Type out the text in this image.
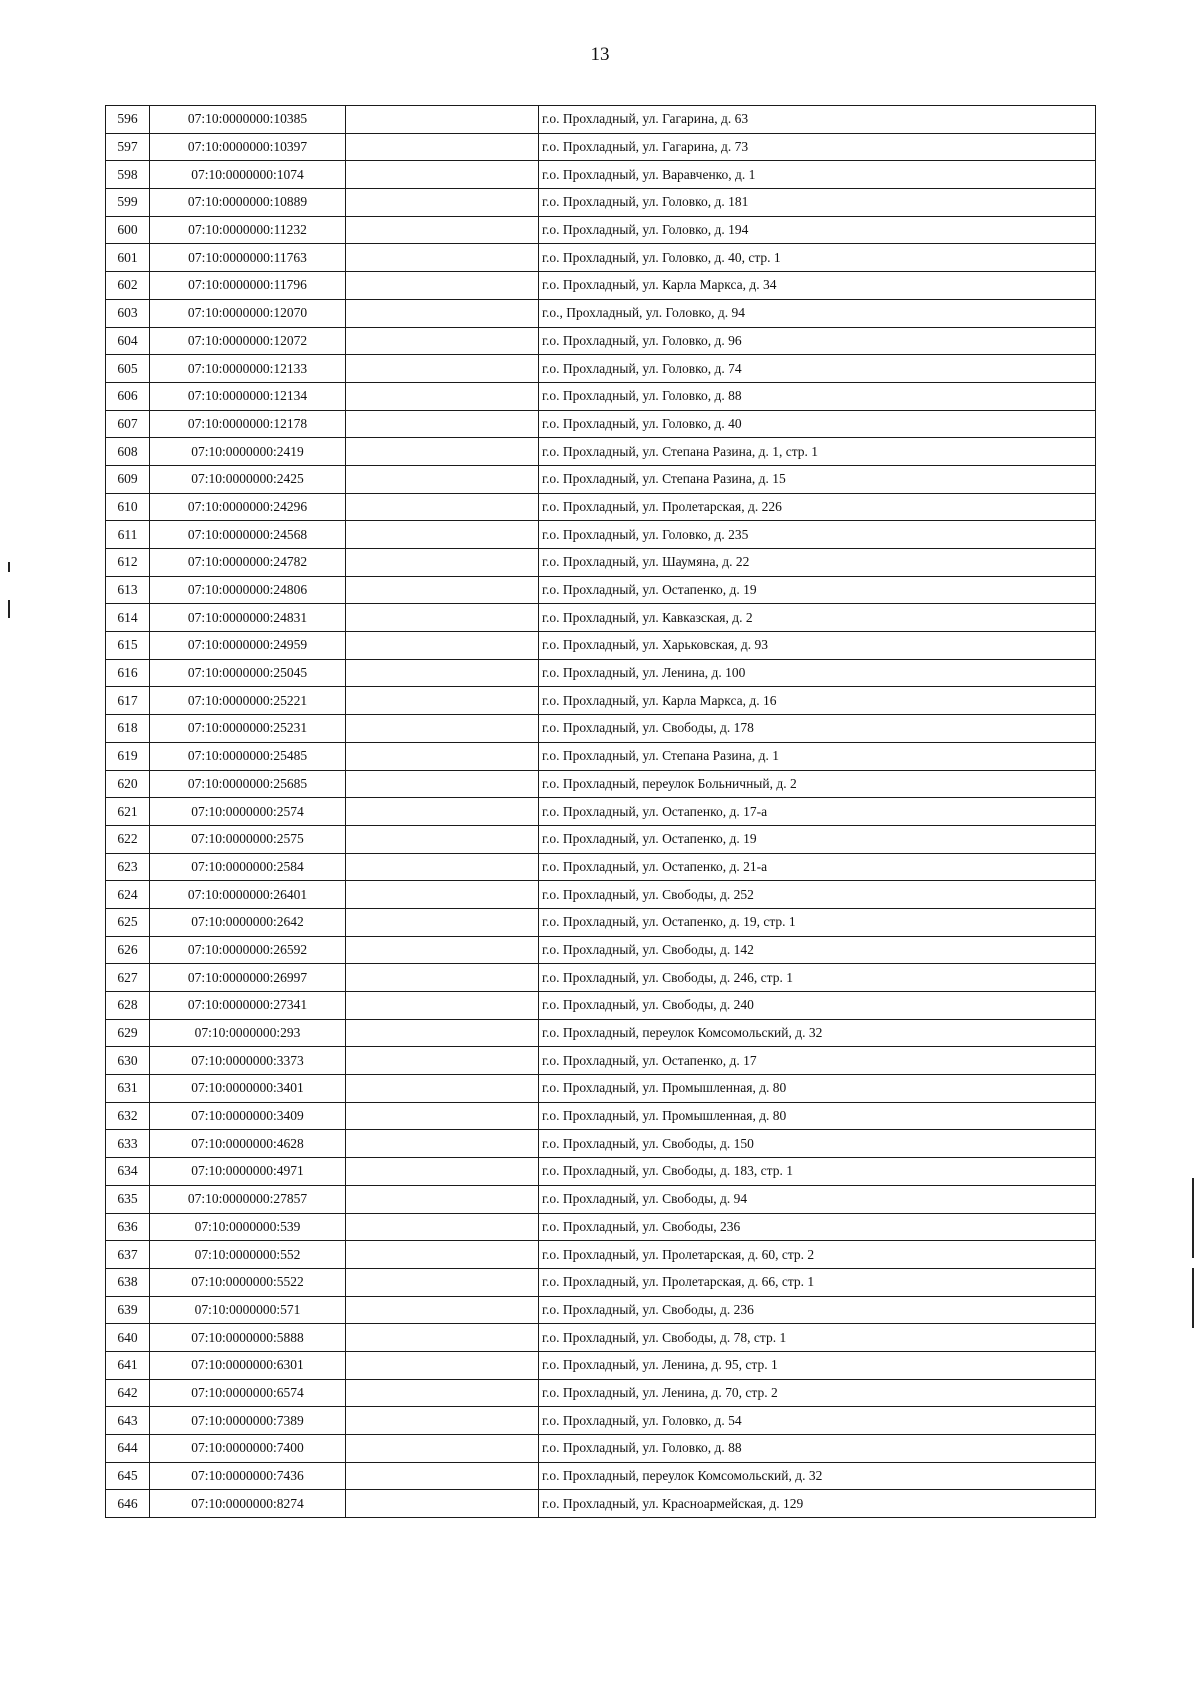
13
596	07:10:0000000:10385		г.о. Прохладный, ул. Гагарина, д. 63
597	07:10:0000000:10397		г.о. Прохладный, ул. Гагарина, д. 73
598	07:10:0000000:1074		г.о. Прохладный, ул. Варавченко, д. 1
599	07:10:0000000:10889		г.о. Прохладный, ул. Головко, д. 181
600	07:10:0000000:11232		г.о. Прохладный, ул. Головко, д. 194
601	07:10:0000000:11763		г.о. Прохладный, ул. Головко, д. 40, стр. 1
602	07:10:0000000:11796		г.о. Прохладный, ул. Карла Маркса, д. 34
603	07:10:0000000:12070		г.о., Прохладный, ул. Головко, д. 94
604	07:10:0000000:12072		г.о. Прохладный, ул. Головко, д. 96
605	07:10:0000000:12133		г.о. Прохладный, ул. Головко, д. 74
606	07:10:0000000:12134		г.о. Прохладный, ул. Головко, д. 88
607	07:10:0000000:12178		г.о. Прохладный, ул. Головко, д. 40
608	07:10:0000000:2419		г.о. Прохладный, ул. Степана Разина, д. 1, стр. 1
609	07:10:0000000:2425		г.о. Прохладный, ул. Степана Разина, д. 15
610	07:10:0000000:24296		г.о. Прохладный, ул. Пролетарская, д. 226
611	07:10:0000000:24568		г.о. Прохладный, ул. Головко, д. 235
612	07:10:0000000:24782		г.о. Прохладный, ул. Шаумяна, д. 22
613	07:10:0000000:24806		г.о. Прохладный, ул. Остапенко, д. 19
614	07:10:0000000:24831		г.о. Прохладный, ул. Кавказская, д. 2
615	07:10:0000000:24959		г.о. Прохладный, ул. Харьковская, д. 93
616	07:10:0000000:25045		г.о. Прохладный, ул. Ленина, д. 100
617	07:10:0000000:25221		г.о. Прохладный, ул. Карла Маркса, д. 16
618	07:10:0000000:25231		г.о. Прохладный, ул. Свободы, д. 178
619	07:10:0000000:25485		г.о. Прохладный, ул. Степана Разина, д. 1
620	07:10:0000000:25685		г.о. Прохладный, переулок Больничный, д. 2
621	07:10:0000000:2574		г.о. Прохладный, ул. Остапенко, д. 17-а
622	07:10:0000000:2575		г.о. Прохладный, ул. Остапенко, д. 19
623	07:10:0000000:2584		г.о. Прохладный, ул. Остапенко, д. 21-а
624	07:10:0000000:26401		г.о. Прохладный, ул. Свободы, д. 252
625	07:10:0000000:2642		г.о. Прохладный, ул. Остапенко, д. 19, стр. 1
626	07:10:0000000:26592		г.о. Прохладный, ул. Свободы, д. 142
627	07:10:0000000:26997		г.о. Прохладный, ул. Свободы, д. 246, стр. 1
628	07:10:0000000:27341		г.о. Прохладный, ул. Свободы, д. 240
629	07:10:0000000:293		г.о. Прохладный, переулок Комсомольский, д. 32
630	07:10:0000000:3373		г.о. Прохладный, ул. Остапенко, д. 17
631	07:10:0000000:3401		г.о. Прохладный, ул. Промышленная, д. 80
632	07:10:0000000:3409		г.о. Прохладный, ул. Промышленная, д. 80
633	07:10:0000000:4628		г.о. Прохладный, ул. Свободы, д. 150
634	07:10:0000000:4971		г.о. Прохладный, ул. Свободы, д. 183, стр. 1
635	07:10:0000000:27857		г.о. Прохладный, ул. Свободы, д. 94
636	07:10:0000000:539		г.о. Прохладный, ул. Свободы, 236
637	07:10:0000000:552		г.о. Прохладный, ул. Пролетарская, д. 60, стр. 2
638	07:10:0000000:5522		г.о. Прохладный, ул. Пролетарская, д. 66, стр. 1
639	07:10:0000000:571		г.о. Прохладный, ул. Свободы, д. 236
640	07:10:0000000:5888		г.о. Прохладный, ул. Свободы, д. 78, стр. 1
641	07:10:0000000:6301		г.о. Прохладный, ул. Ленина, д. 95, стр. 1
642	07:10:0000000:6574		г.о. Прохладный, ул. Ленина, д. 70, стр. 2
643	07:10:0000000:7389		г.о. Прохладный, ул. Головко, д. 54
644	07:10:0000000:7400		г.о. Прохладный, ул. Головко, д. 88
645	07:10:0000000:7436		г.о. Прохладный, переулок Комсомольский, д. 32
646	07:10:0000000:8274		г.о. Прохладный, ул. Красноармейская, д. 129
